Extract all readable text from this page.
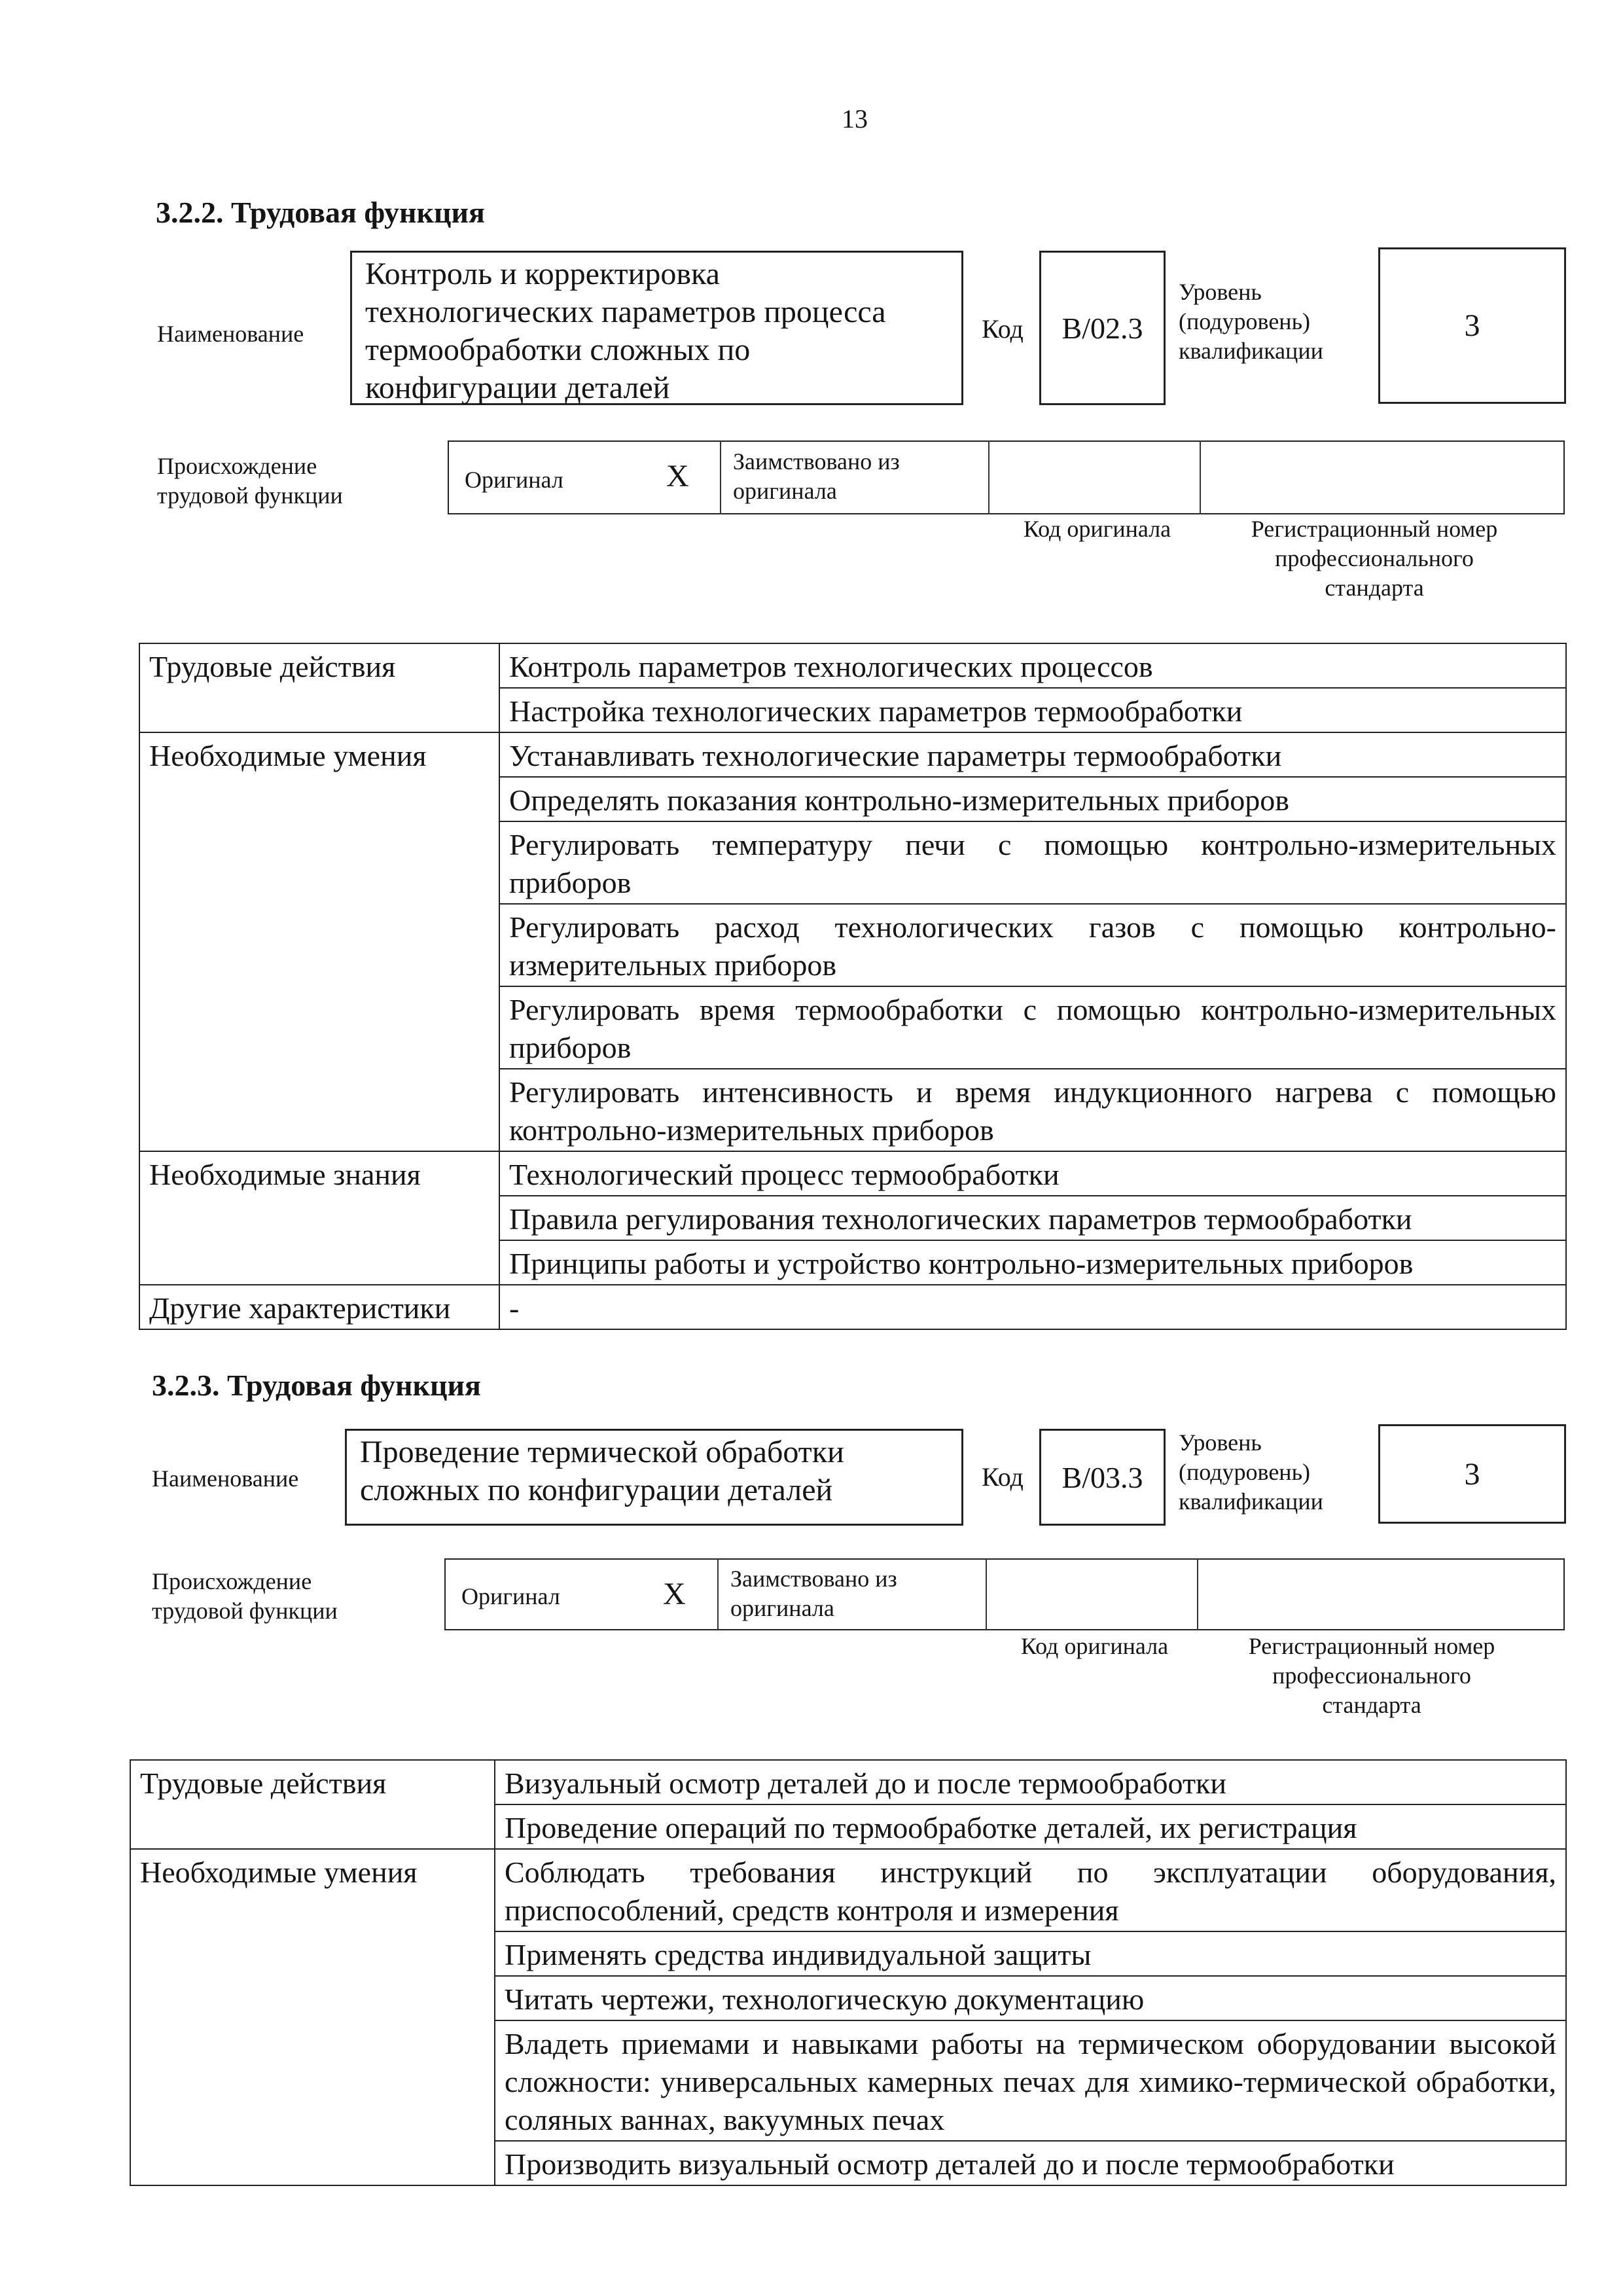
13
3.2.2. Трудовая функция
Наименование
Контроль и корректировка технологических параметров процесса термообработки сложных по конфигурации деталей
Код	B/02.3
Уровень (подуровень) квалификации
3
Происхождение трудовой функции
Оригинал	X Заимствовано из оригинала
Код оригинала	Регистрационный номер профессионального стандарта
Трудовые действия	Контроль параметров технологических процессов
	Настройка технологических параметров термообработки
Необходимые умения	Устанавливать технологические параметры термообработки
	Определять показания контрольно-измерительных приборов
	Регулировать температуру печи с помощью контрольно-измерительных приборов
	Регулировать расход технологических газов с помощью контрольно-измерительных приборов
	Регулировать время термообработки с помощью контрольно-измерительных приборов
	Регулировать интенсивность и время индукционного нагрева с помощью контрольно-измерительных приборов
Необходимые знания	Технологический процесс термообработки
	Правила регулирования технологических параметров термообработки
	Принципы работы и устройство контрольно-измерительных приборов
Другие характеристики	-
3.2.3. Трудовая функция
Наименование
Проведение термической обработки сложных по конфигурации деталей	Код	B/03.3
Уровень (подуровень) квалификации
3
Происхождение трудовой функции
Оригинал	X Заимствовано из оригинала
Код оригинала	Регистрационный номер профессионального стандарта
Трудовые действия	Визуальный осмотр деталей до и после термообработки
	Проведение операций по термообработке деталей, их регистрация
Необходимые умения	Соблюдать требования инструкций по эксплуатации оборудования, приспособлений, средств контроля и измерения
	Применять средства индивидуальной защиты
	Читать чертежи, технологическую документацию
	Владеть приемами и навыками работы на термическом оборудовании высокой сложности: универсальных камерных печах для химико-термической обработки, соляных ваннах, вакуумных печах
	Производить визуальный осмотр деталей до и после термообработки
